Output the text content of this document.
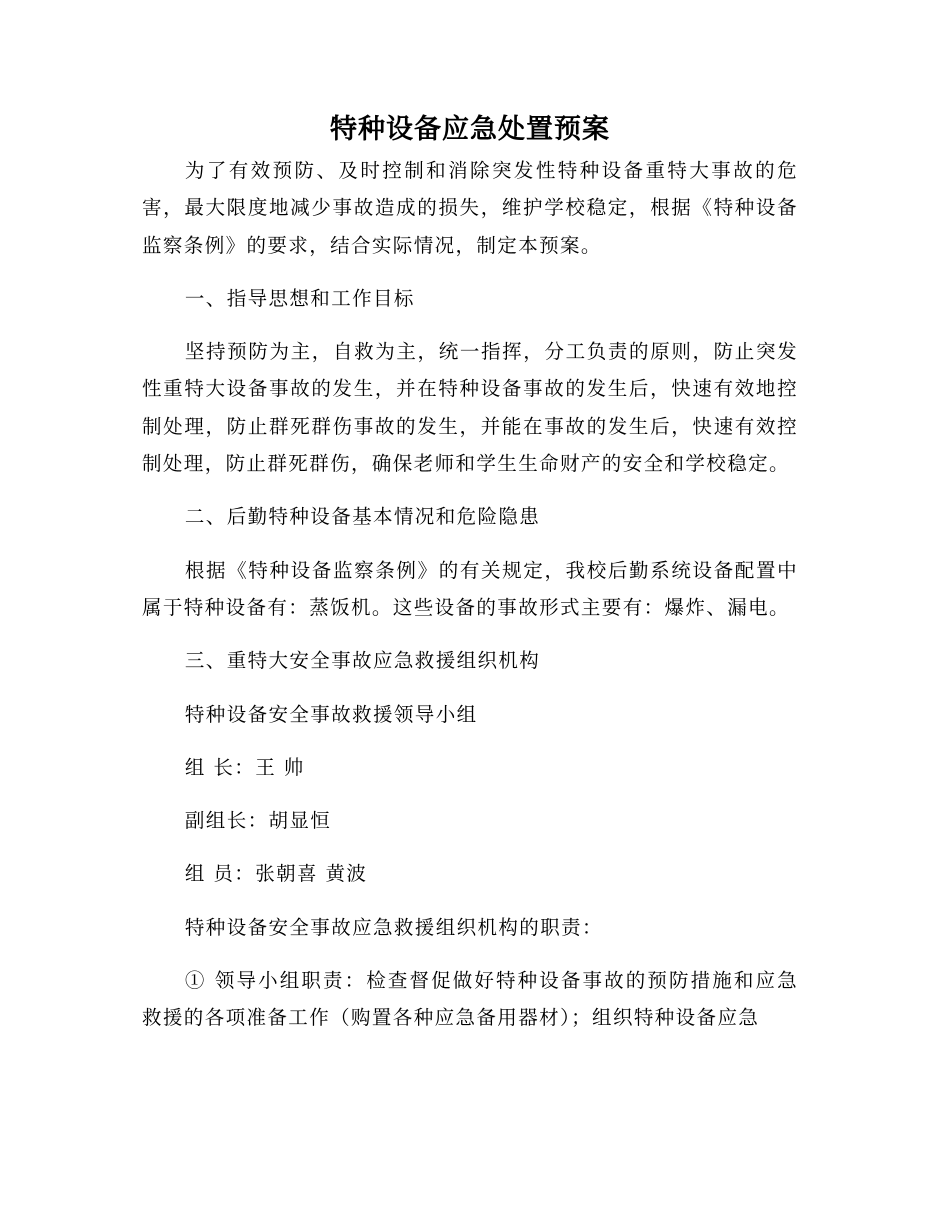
特种设备应急处置预案

为了有效预防、及时控制和消除突发性特种设备重特大事故的危害，最大限度地减少事故造成的损失，维护学校稳定，根据《特种设备监察条例》的要求，结合实际情况，制定本预案。

一、指导思想和工作目标

坚持预防为主，自救为主，统一指挥，分工负责的原则，防止突发性重特大设备事故的发生，并在特种设备事故的发生后，快速有效地控制处理，防止群死群伤事故的发生，并能在事故的发生后，快速有效控制处理，防止群死群伤，确保老师和学生生命财产的安全和学校稳定。

二、后勤特种设备基本情况和危险隐患

根据《特种设备监察条例》的有关规定，我校后勤系统设备配置中属于特种设备有：蒸饭机。这些设备的事故形式主要有：爆炸、漏电。

三、重特大安全事故应急救援组织机构

特种设备安全事故救援领导小组

组 长：王 帅

副组长：胡显恒

组 员：张朝喜 黄波

特种设备安全事故应急救援组织机构的职责：

① 领导小组职责：检查督促做好特种设备事故的预防措施和应急救援的各项准备工作（购置各种应急备用器材）；组织特种设备应急
